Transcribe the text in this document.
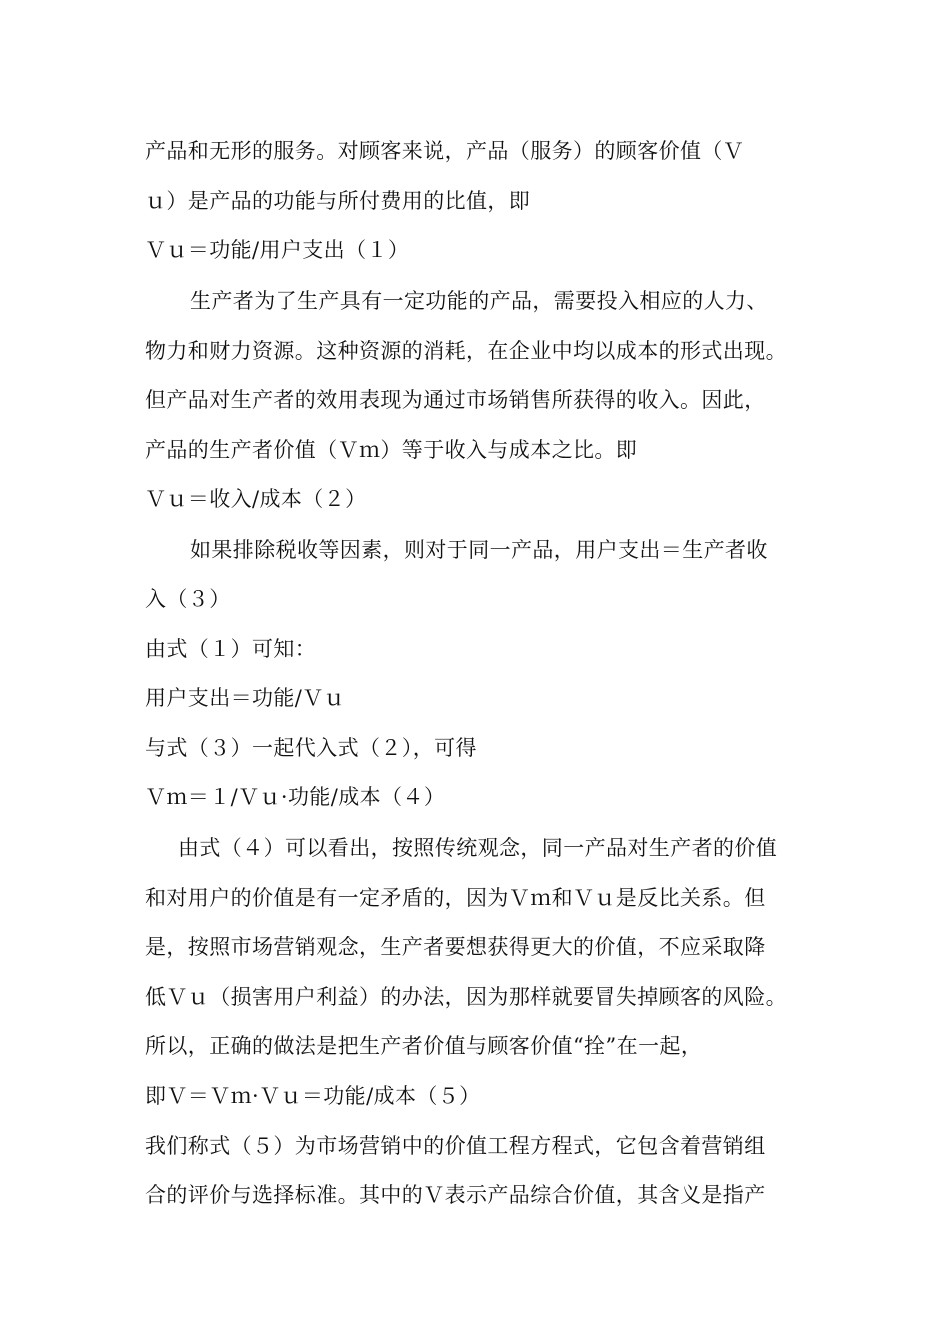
产品和无形的服务。对顾客来说，产品（服务）的顾客价值（Ｖ
ｕ）是产品的功能与所付费用的比值，即
Ｖｕ＝功能/用户支出（１）
生产者为了生产具有一定功能的产品，需要投入相应的人力、
物力和财力资源。这种资源的消耗，在企业中均以成本的形式出现。
但产品对生产者的效用表现为通过市场销售所获得的收入。因此，
产品的生产者价值（Ｖｍ）等于收入与成本之比。即
Ｖｕ＝收入/成本（２）
如果排除税收等因素，则对于同一产品，用户支出＝生产者收
入（３）
由式（１）可知：
用户支出＝功能/Ｖｕ
与式（３）一起代入式（２），可得
Ｖｍ＝１/Ｖｕ·功能/成本（４）
由式（４）可以看出，按照传统观念，同一产品对生产者的价值
和对用户的价值是有一定矛盾的，因为Ｖｍ和Ｖｕ是反比关系。但
是，按照市场营销观念，生产者要想获得更大的价值，不应采取降
低Ｖｕ（损害用户利益）的办法，因为那样就要冒失掉顾客的风险。
所以，正确的做法是把生产者价值与顾客价值“拴”在一起，
即Ｖ＝Ｖｍ·Ｖｕ＝功能/成本（５）
我们称式（５）为市场营销中的价值工程方程式，它包含着营销组
合的评价与选择标准。其中的Ｖ表示产品综合价值，其含义是指产
